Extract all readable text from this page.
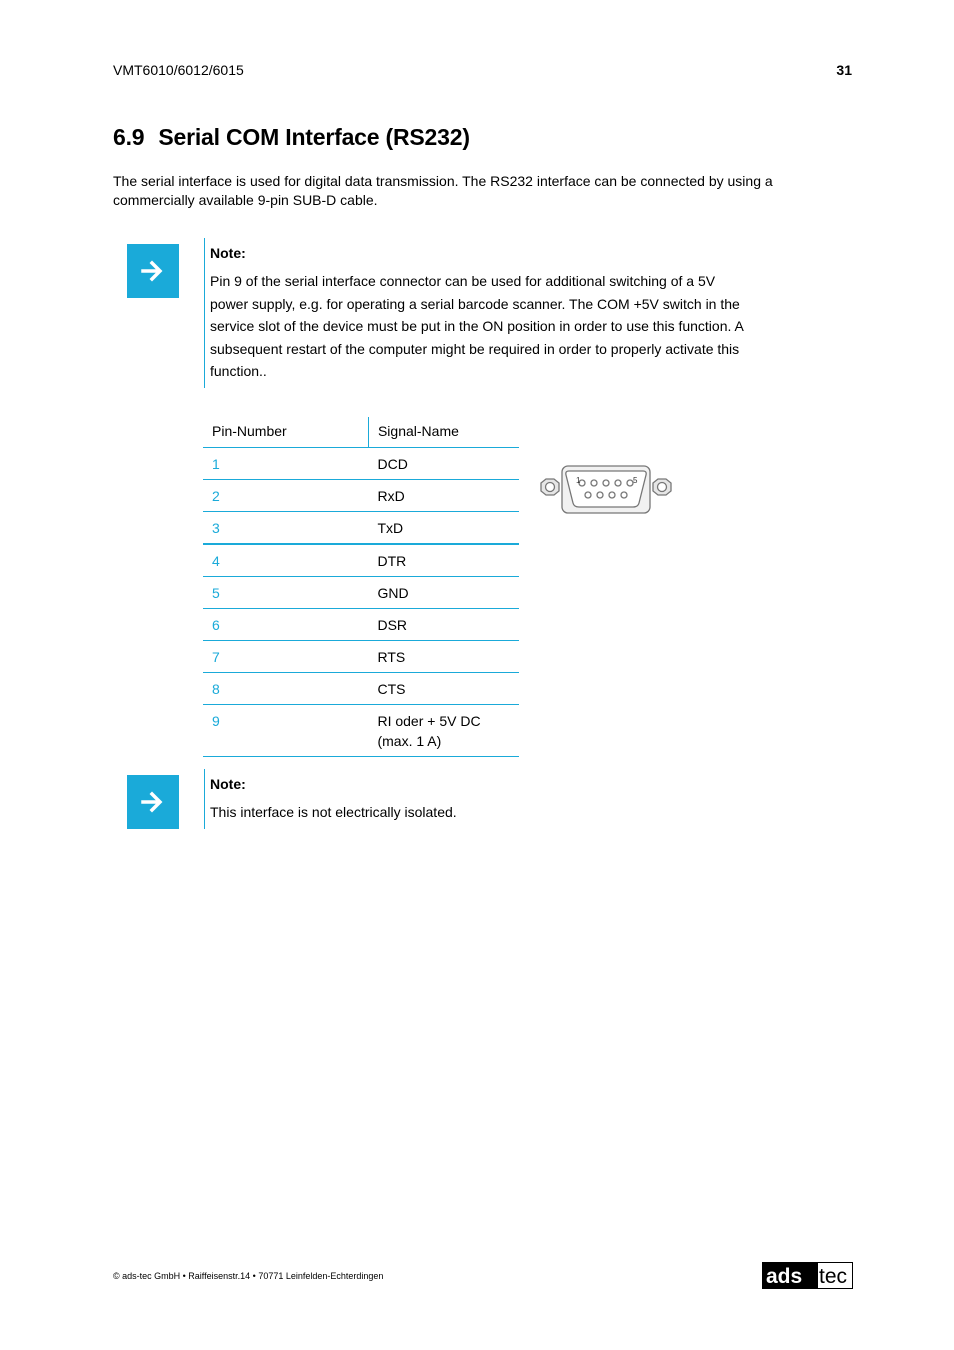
VMT6010/6012/6015	31
6.9 Serial COM Interface (RS232)
The serial interface is used for digital data transmission. The RS232 interface can be connected by using a commercially available 9-pin SUB-D cable.
Note:
Pin 9 of the serial interface connector can be used for additional switching of a 5V power supply, e.g. for operating a serial barcode scanner. The COM +5V switch in the service slot of the device must be put in the ON position in order to use this function. A subsequent restart of the computer might be required in order to properly activate this function..
Pin-Number	Signal-Name
1	DCD
2	RxD
3	TxD
4	DTR
5	GND
6	DSR
7	RTS
8	CTS
9	RI oder + 5V DC (max. 1 A)
1	5
Note:
This interface is not electrically isolated.
© ads-tec GmbH • Raiffeisenstr.14 • 70771 Leinfelden-Echterdingen	ads tec
